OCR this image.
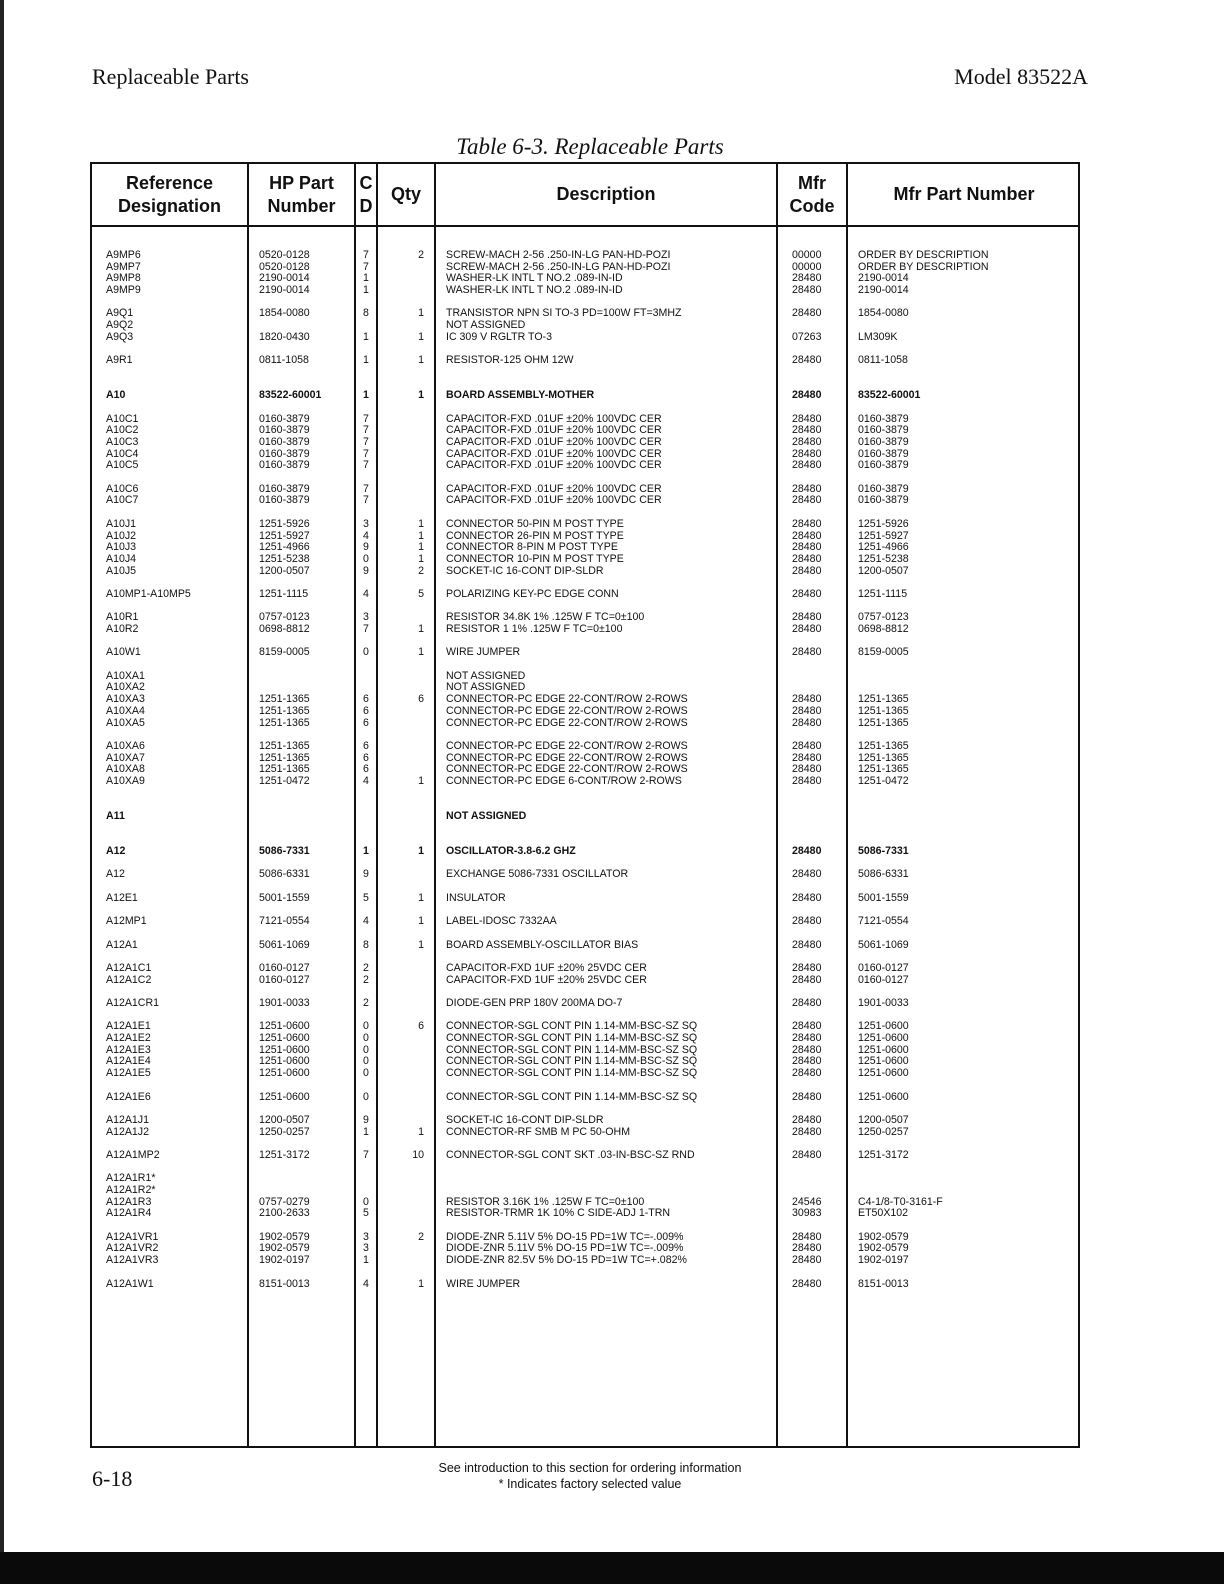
Replaceable Parts	Model 83522A
Table 6-3. Replaceable Parts
Reference Designation
HP Part Number
C D
Qty	Description
Mfr Code
Mfr Part Number
A9MP6	0520-0128	7	2 SCREW-MACH 2-56 .250-IN-LG PAN-HD-POZI	00000	ORDER BY DESCRIPTION
A9MP7	0520-0128	7	SCREW-MACH 2-56 .250-IN-LG PAN-HD-POZI	00000	ORDER BY DESCRIPTION
A9MP8	2190-0014	1	WASHER-LK INTL T NO.2 .089-IN-ID	28480	2190-0014
A9MP9	2190-0014	1	WASHER-LK INTL T NO.2 .089-IN-ID	28480	2190-0014
A9Q1	1854-0080	8	1 TRANSISTOR NPN SI TO-3 PD=100W FT=3MHZ	28480	1854-0080
A9Q2	NOT ASSIGNED
A9Q3	1820-0430	1	1 IC 309 V RGLTR TO-3	07263	LM309K
A9R1	0811-1058	1	1 RESISTOR-125 OHM 12W	28480	0811-1058
A10	83522-60001	1	1 BOARD ASSEMBLY-MOTHER	28480	83522-60001
A10C1	0160-3879	7	CAPACITOR-FXD .01UF ±20% 100VDC CER	28480	0160-3879
A10C2	0160-3879	7	CAPACITOR-FXD .01UF ±20% 100VDC CER	28480	0160-3879
A10C3	0160-3879	7	CAPACITOR-FXD .01UF ±20% 100VDC CER	28480	0160-3879
A10C4	0160-3879	7	CAPACITOR-FXD .01UF ±20% 100VDC CER	28480	0160-3879
A10C5	0160-3879	7	CAPACITOR-FXD .01UF ±20% 100VDC CER	28480	0160-3879
A10C6	0160-3879	7	CAPACITOR-FXD .01UF ±20% 100VDC CER	28480	0160-3879
A10C7	0160-3879	7	CAPACITOR-FXD .01UF ±20% 100VDC CER	28480	0160-3879
A10J1	1251-5926	3	1 CONNECTOR 50-PIN M POST TYPE	28480	1251-5926
A10J2	1251-5927	4	1 CONNECTOR 26-PIN M POST TYPE	28480	1251-5927
A10J3	1251-4966	9	1 CONNECTOR 8-PIN M POST TYPE	28480	1251-4966
A10J4	1251-5238	0	1 CONNECTOR 10-PIN M POST TYPE	28480	1251-5238
A10J5	1200-0507	9	2 SOCKET-IC 16-CONT DIP-SLDR	28480	1200-0507
A10MP1-A10MP5	1251-1115	4	5 POLARIZING KEY-PC EDGE CONN	28480	1251-1115
A10R1	0757-0123	3	RESISTOR 34.8K 1% .125W F TC=0±100	28480	0757-0123
A10R2	0698-8812	7	1 RESISTOR 1 1% .125W F TC=0±100	28480	0698-8812
A10W1	8159-0005	0	1 WIRE JUMPER	28480	8159-0005
A10XA1	NOT ASSIGNED
A10XA2	NOT ASSIGNED
A10XA3	1251-1365	6	6 CONNECTOR-PC EDGE 22-CONT/ROW 2-ROWS	28480	1251-1365
A10XA4	1251-1365	6	CONNECTOR-PC EDGE 22-CONT/ROW 2-ROWS	28480	1251-1365
A10XA5	1251-1365	6	CONNECTOR-PC EDGE 22-CONT/ROW 2-ROWS	28480	1251-1365
A10XA6	1251-1365	6	CONNECTOR-PC EDGE 22-CONT/ROW 2-ROWS	28480	1251-1365
A10XA7	1251-1365	6	CONNECTOR-PC EDGE 22-CONT/ROW 2-ROWS	28480	1251-1365
A10XA8	1251-1365	6	CONNECTOR-PC EDGE 22-CONT/ROW 2-ROWS	28480	1251-1365
A10XA9	1251-0472	4	1 CONNECTOR-PC EDGE 6-CONT/ROW 2-ROWS	28480	1251-0472
A11	NOT ASSIGNED
A12	5086-7331	1	1 OSCILLATOR-3.8-6.2 GHZ	28480	5086-7331
A12	5086-6331	9	EXCHANGE 5086-7331 OSCILLATOR	28480	5086-6331
A12E1	5001-1559	5	1 INSULATOR	28480	5001-1559
A12MP1	7121-0554	4	1 LABEL-IDOSC 7332AA	28480	7121-0554
A12A1	5061-1069	8	1 BOARD ASSEMBLY-OSCILLATOR BIAS	28480	5061-1069
A12A1C1	0160-0127	2	CAPACITOR-FXD 1UF ±20% 25VDC CER	28480	0160-0127
A12A1C2	0160-0127	2	CAPACITOR-FXD 1UF ±20% 25VDC CER	28480	0160-0127
A12A1CR1	1901-0033	2	DIODE-GEN PRP 180V 200MA DO-7	28480	1901-0033
A12A1E1	1251-0600	0	6 CONNECTOR-SGL CONT PIN 1.14-MM-BSC-SZ SQ	28480	1251-0600
A12A1E2	1251-0600	0	CONNECTOR-SGL CONT PIN 1.14-MM-BSC-SZ SQ	28480	1251-0600
A12A1E3	1251-0600	0	CONNECTOR-SGL CONT PIN 1.14-MM-BSC-SZ SQ	28480	1251-0600
A12A1E4	1251-0600	0	CONNECTOR-SGL CONT PIN 1.14-MM-BSC-SZ SQ	28480	1251-0600
A12A1E5	1251-0600	0	CONNECTOR-SGL CONT PIN 1.14-MM-BSC-SZ SQ	28480	1251-0600
A12A1E6	1251-0600	0	CONNECTOR-SGL CONT PIN 1.14-MM-BSC-SZ SQ	28480	1251-0600
A12A1J1	1200-0507	9	SOCKET-IC 16-CONT DIP-SLDR	28480	1200-0507
A12A1J2	1250-0257	1	1 CONNECTOR-RF SMB M PC 50-OHM	28480	1250-0257
A12A1MP2	1251-3172	7	10 CONNECTOR-SGL CONT SKT .03-IN-BSC-SZ RND	28480	1251-3172
A12A1R1*
A12A1R2*
A12A1R3	0757-0279	0	RESISTOR 3.16K 1% .125W F TC=0±100	24546	C4-1/8-T0-3161-F
A12A1R4	2100-2633	5	RESISTOR-TRMR 1K 10% C SIDE-ADJ 1-TRN	30983	ET50X102
A12A1VR1	1902-0579	3	2 DIODE-ZNR 5.11V 5% DO-15 PD=1W TC=-.009%	28480	1902-0579
A12A1VR2	1902-0579	3	DIODE-ZNR 5.11V 5% DO-15 PD=1W TC=-.009%	28480	1902-0579
A12A1VR3	1902-0197	1	DIODE-ZNR 82.5V 5% DO-15 PD=1W TC=+.082%	28480	1902-0197
A12A1W1	8151-0013	4	1 WIRE JUMPER	28480	8151-0013
6-18	See introduction to this section for ordering information
* Indicates factory selected value
